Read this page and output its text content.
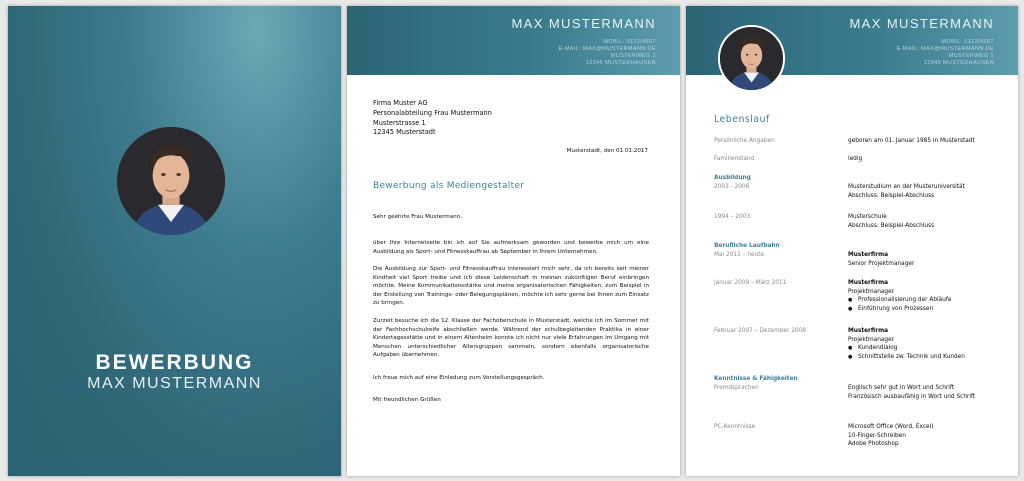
BEWERBUNG
MAX MUSTERMANN
MAX MUSTERMANN
MOBIL: 0123/4567
E-MAIL: MAX@MUSTERMANN.DE
MUSTERWEG 1
12345 MUSTERHAUSEN
Firma Muster AG
Personalabteilung Frau Mustermann
Musterstrasse 1
12345 Musterstadt
Musterstadt, den 01.01.2017
Bewerbung als Mediengestalter
Sehr geehrte Frau Mustermann,
über Ihre Internetseite bin ich auf Sie aufmerksam geworden und bewerbe mich um eine Ausbildung als Sport- und Fitnesskauffrau ab September in Ihrem Unternehmen.
Die Ausbildung zur Sport- und Fitnesskauffrau interessiert mich sehr, da ich bereits seit meiner Kindheit viel Sport treibe und ich diese Leidenschaft in meinen zukünftigen Beruf einbringen möchte. Meine Kommunikationsstärke und meine organisatorischen Fähigkeiten, zum Beispiel in der Erstellung von Trainings- oder Belegungsplänen, möchte ich sehr gerne bei Ihnen zum Einsatz zu bringen.
Zurzeit besuche ich die 12. Klasse der Fachoberschule in Musterstadt, welche ich im Sommer mit der Fachhochschulreife abschließen werde. Während der schulbegleitenden Praktika in einer Kindertagesstätte und in einem Altenheim konnte ich nicht nur viele Erfahrungen im Umgang mit Menschen unterschiedlicher Altersgruppen sammeln, sondern ebenfalls organisatorische Aufgaben übernehmen.
Ich freue mich auf eine Einladung zum Vorstellungsgespräch.
Mit freundlichen Grüßen
MAX MUSTERMANN
MOBIL: 0123/4567
E-MAIL: MAX@MUSTERMANN.DE
MUSTERWEG 1
12345 MUSTERHAUSEN
Lebenslauf
Persönliche Angaben	geboren am 01. Januar 1985 in Musterstadt
Familienstand	ledig
Ausbildung
2003 - 2006	Musterstudium an der Musteruniversität
Abschluss: Beispiel-Abschluss
1994 – 2003	Musterschule
Abschluss: Beispiel-Abschluss
Berufliche Laufbahn
Mai 2011 – heute	Musterfirma
Senior Projektmanager
Januar 2009 – März 2011	Musterfirma
Projektmanager
● Professionalisierung der Abläufe
● Einführung von Prozessen
Februar 2007 – Dezember 2008	Musterfirma
Projektmanager
● Kundendialog
● Schnittstelle zw. Technik und Kunden
Kenntnisse & Fähigkeiten
Fremdsprachen	Englisch sehr gut in Wort und Schrift
Französisch ausbaufähig in Wort und Schrift
PC-Kenntnisse	Microsoft Office (Word, Excel)
10-Finger-Schreiben
Adobe Photoshop
